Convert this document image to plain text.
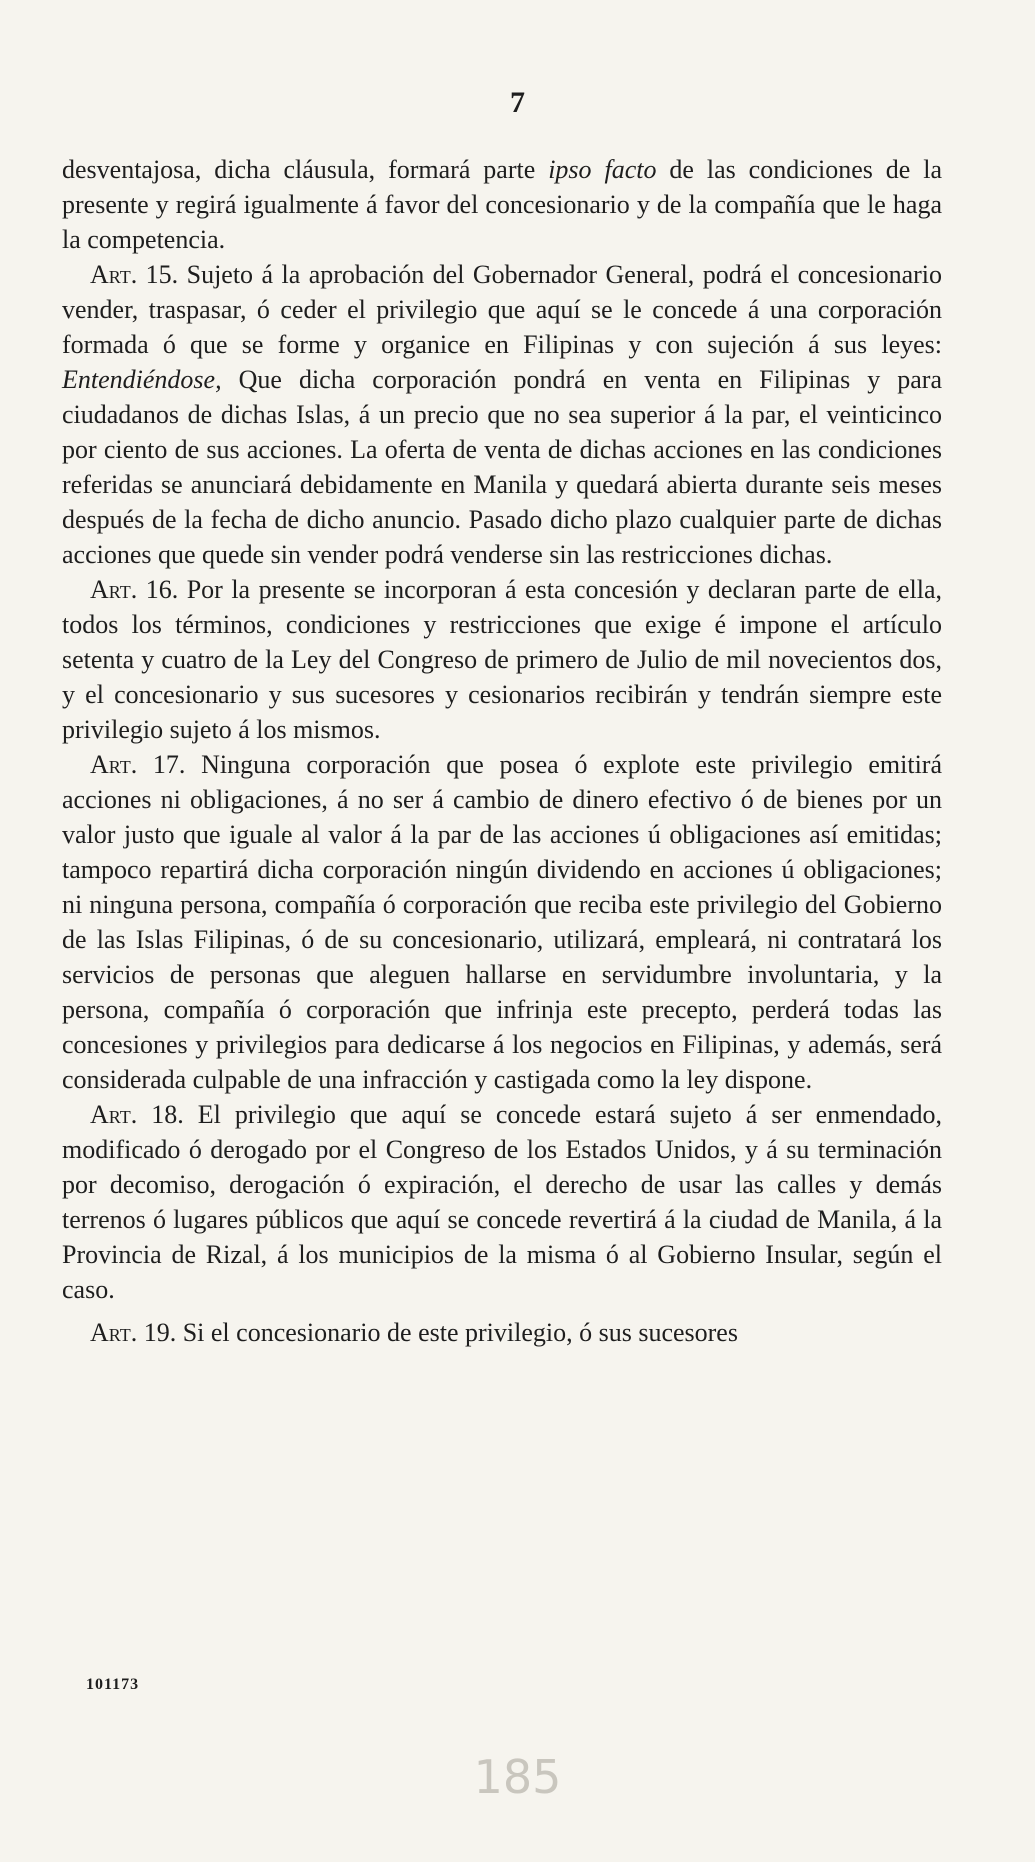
7

desventajosa, dicha cláusula, formará parte ipso facto de las condiciones de la presente y regirá igualmente á favor del concesionario y de la compañía que le haga la competencia.

Art. 15. Sujeto á la aprobación del Gobernador General, podrá el concesionario vender, traspasar, ó ceder el privilegio que aquí se le concede á una corporación formada ó que se forme y organice en Filipinas y con sujeción á sus leyes: Entendiéndose, Que dicha corporación pondrá en venta en Filipinas y para ciudadanos de dichas Islas, á un precio que no sea superior á la par, el veinticinco por ciento de sus acciones. La oferta de venta de dichas acciones en las condiciones referidas se anunciará debidamente en Manila y quedará abierta durante seis meses después de la fecha de dicho anuncio. Pasado dicho plazo cualquier parte de dichas acciones que quede sin vender podrá venderse sin las restricciones dichas.

Art. 16. Por la presente se incorporan á esta concesión y declaran parte de ella, todos los términos, condiciones y restricciones que exige é impone el artículo setenta y cuatro de la Ley del Congreso de primero de Julio de mil novecientos dos, y el concesionario y sus sucesores y cesionarios recibirán y tendrán siempre este privilegio sujeto á los mismos.

Art. 17. Ninguna corporación que posea ó explote este privilegio emitirá acciones ni obligaciones, á no ser á cambio de dinero efectivo ó de bienes por un valor justo que iguale al valor á la par de las acciones ú obligaciones así emitidas; tampoco repartirá dicha corporación ningún dividendo en acciones ú obligaciones; ni ninguna persona, compañía ó corporación que reciba este privilegio del Gobierno de las Islas Filipinas, ó de su concesionario, utilizará, empleará, ni contratará los servicios de personas que aleguen hallarse en servidumbre involuntaria, y la persona, compañía ó corporación que infrinja este precepto, perderá todas las concesiones y privilegios para dedicarse á los negocios en Filipinas, y además, será considerada culpable de una infracción y castigada como la ley dispone.

Art. 18. El privilegio que aquí se concede estará sujeto á ser enmendado, modificado ó derogado por el Congreso de los Estados Unidos, y á su terminación por decomiso, derogación ó expiración, el derecho de usar las calles y demás terrenos ó lugares públicos que aquí se concede revertirá á la ciudad de Manila, á la Provincia de Rizal, á los municipios de la misma ó al Gobierno Insular, según el caso.

Art. 19. Si el concesionario de este privilegio, ó sus sucesores

101173
185
